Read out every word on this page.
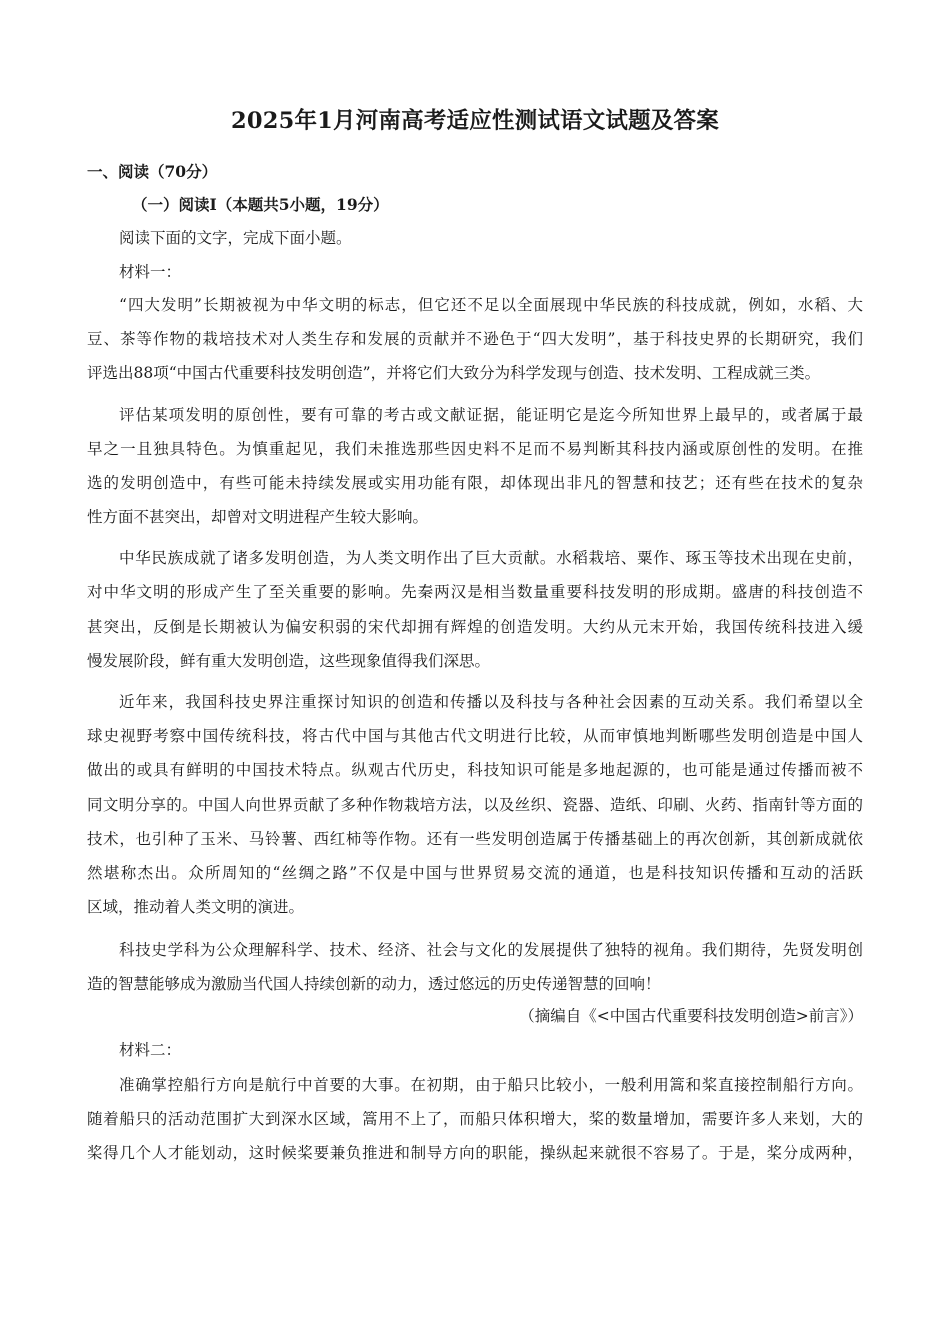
2025年1月河南高考适应性测试语文试题及答案
一、阅读（70分）
（一）阅读Ⅰ（本题共5小题，19分）
阅读下面的文字，完成下面小题。
材料一：
“四大发明”长期被视为中华文明的标志，但它还不足以全面展现中华民族的科技成就，例如，水稻、大
豆、茶等作物的栽培技术对人类生存和发展的贡献并不逊色于“四大发明”，基于科技史界的长期研究，我们
评选出88项“中国古代重要科技发明创造”，并将它们大致分为科学发现与创造、技术发明、工程成就三类。
评估某项发明的原创性，要有可靠的考古或文献证据，能证明它是迄今所知世界上最早的，或者属于最
早之一且独具特色。为慎重起见，我们未推选那些因史料不足而不易判断其科技内涵或原创性的发明。在推
选的发明创造中，有些可能未持续发展或实用功能有限，却体现出非凡的智慧和技艺；还有些在技术的复杂
性方面不甚突出，却曾对文明进程产生较大影响。
中华民族成就了诸多发明创造，为人类文明作出了巨大贡献。水稻栽培、粟作、琢玉等技术出现在史前，
对中华文明的形成产生了至关重要的影响。先秦两汉是相当数量重要科技发明的形成期。盛唐的科技创造不
甚突出，反倒是长期被认为偏安积弱的宋代却拥有辉煌的创造发明。大约从元末开始，我国传统科技进入缓
慢发展阶段，鲜有重大发明创造，这些现象值得我们深思。
近年来，我国科技史界注重探讨知识的创造和传播以及科技与各种社会因素的互动关系。我们希望以全
球史视野考察中国传统科技，将古代中国与其他古代文明进行比较，从而审慎地判断哪些发明创造是中国人
做出的或具有鲜明的中国技术特点。纵观古代历史，科技知识可能是多地起源的，也可能是通过传播而被不
同文明分享的。中国人向世界贡献了多种作物栽培方法，以及丝织、瓷器、造纸、印刷、火药、指南针等方面的
技术，也引种了玉米、马铃薯、西红柿等作物。还有一些发明创造属于传播基础上的再次创新，其创新成就依
然堪称杰出。众所周知的“丝绸之路”不仅是中国与世界贸易交流的通道，也是科技知识传播和互动的活跃
区域，推动着人类文明的演进。
科技史学科为公众理解科学、技术、经济、社会与文化的发展提供了独特的视角。我们期待，先贤发明创
造的智慧能够成为激励当代国人持续创新的动力，透过悠远的历史传递智慧的回响！
（摘编自《<中国古代重要科技发明创造>前言》）
材料二：
准确掌控船行方向是航行中首要的大事。在初期，由于船只比较小，一般利用篙和桨直接控制船行方向。
随着船只的活动范围扩大到深水区域，篙用不上了，而船只体积增大，桨的数量增加，需要许多人来划，大的
桨得几个人才能划动，这时候桨要兼负推进和制导方向的职能，操纵起来就很不容易了。于是，桨分成两种，
